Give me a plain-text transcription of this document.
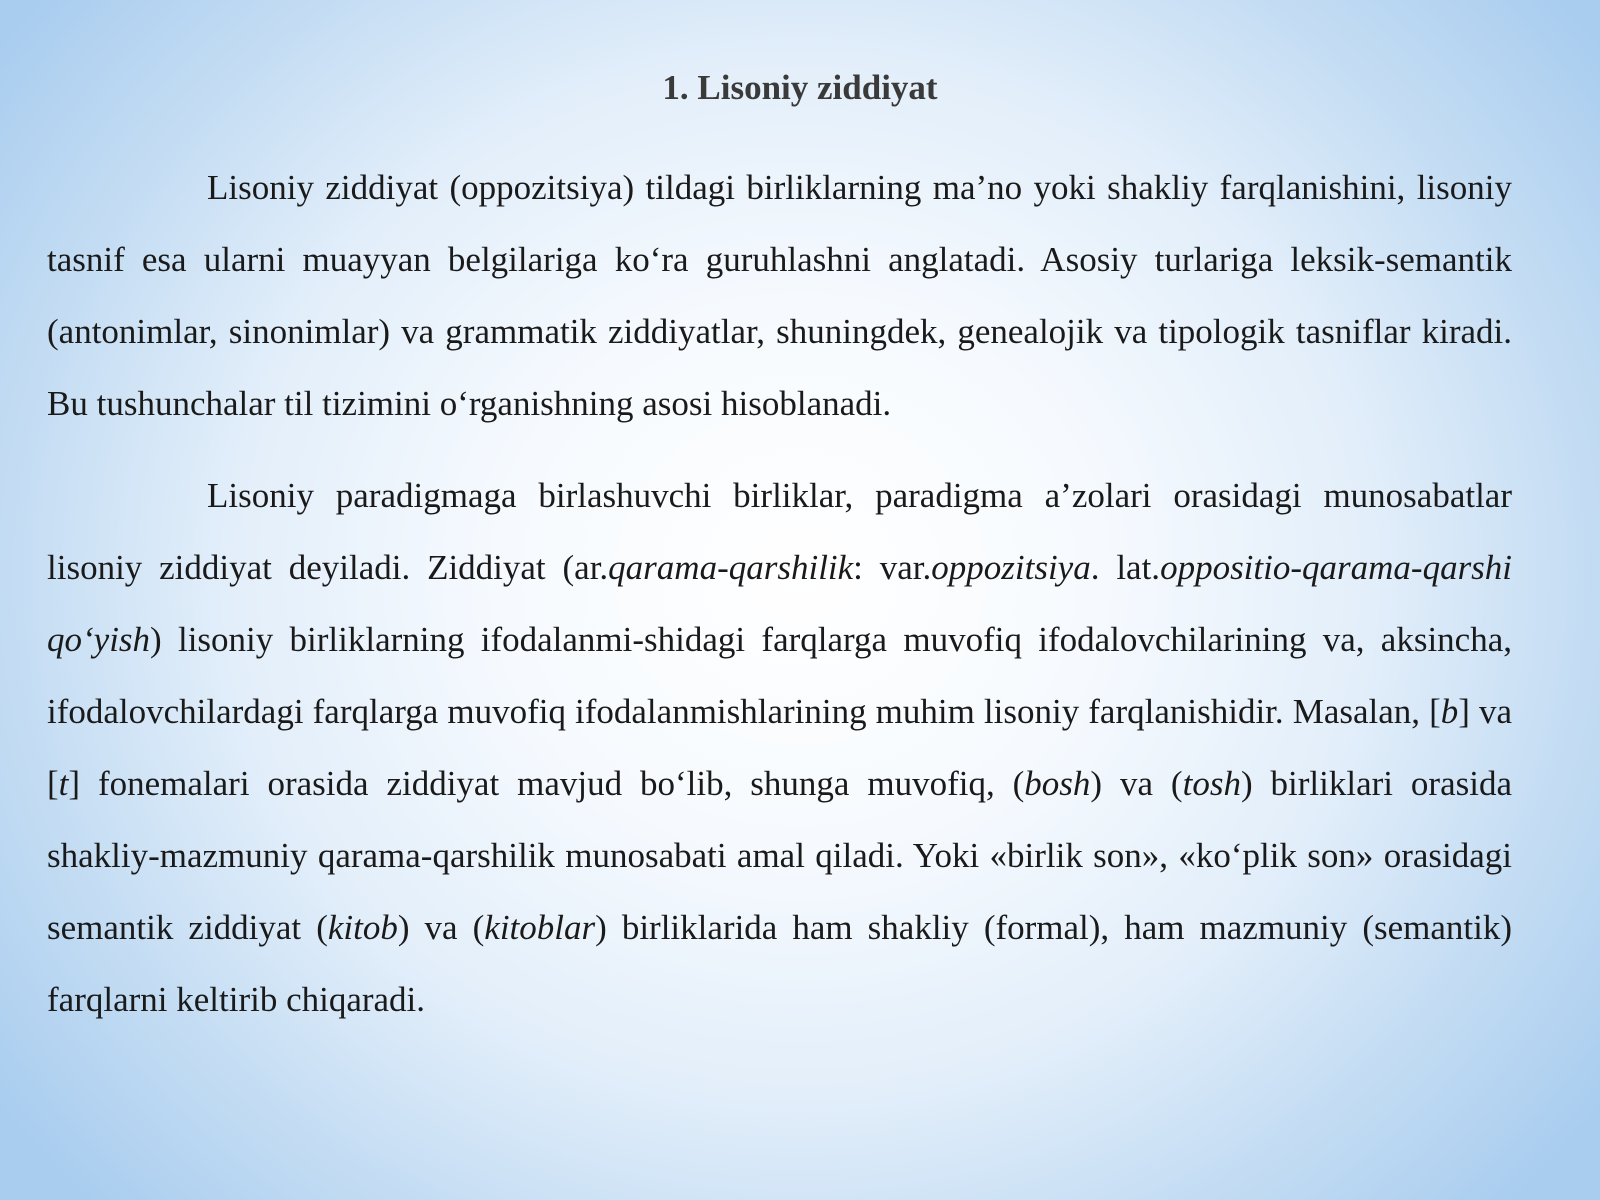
1. Lisoniy ziddiyat

Lisoniy ziddiyat (oppozitsiya) tildagi birliklarning ma’no yoki shakliy farqlanishini, lisoniy tasnif esa ularni muayyan belgilariga ko‘ra guruhlashni anglatadi. Asosiy turlariga leksik-semantik (antonimlar, sinonimlar) va grammatik ziddiyatlar, shuningdek, genealojik va tipologik tasniflar kiradi. Bu tushunchalar til tizimini o‘rganishning asosi hisoblanadi.

Lisoniy paradigmaga birlashuvchi birliklar, paradigma a’zolari orasidagi munosabatlar lisoniy ziddiyat deyiladi. Ziddiyat (ar.qarama-qarshilik: var.oppozitsiya. lat.oppositio-qarama-qarshi qo‘yish) lisoniy birliklarning ifodalanmi-shidagi farqlarga muvofiq ifodalovchilarining va, aksincha, ifodalovchilardagi farqlarga muvofiq ifodalanmishlarining muhim lisoniy farqlanishidir. Masalan, [b] va [t] fonemalari orasida ziddiyat mavjud bo‘lib, shunga muvofiq, (bosh) va (tosh) birliklari orasida shakliy-mazmuniy qarama-qarshilik munosabati amal qiladi. Yoki «birlik son», «ko‘plik son» orasidagi semantik ziddiyat (kitob) va (kitoblar) birliklarida ham shakliy (formal), ham mazmuniy (semantik) farqlarni keltirib chiqaradi.
